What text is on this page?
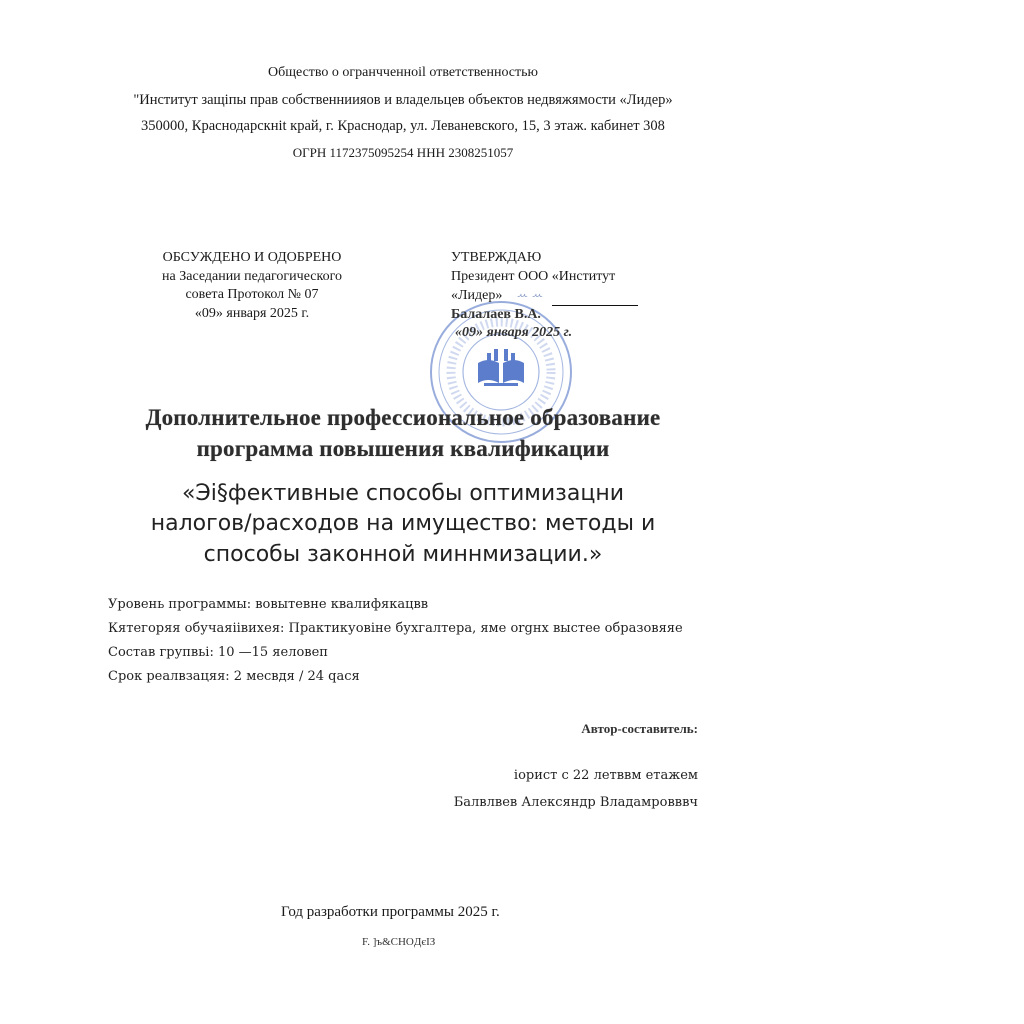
Общество о огранчченноіl ответственностью
"Институт защіпы прав собственниияов и владельцев объектов недвяжямости «Лидер»
350000, Краснодарскнit край, г. Краснодар, ул. Леваневского, 15, 3 этаж. кабинет 308
ОГРН 1172375095254 ННН 2308251057
ОБСУЖДЕНО И ОДОБРЕНО
на Заседании педагогического
совета Протокол № 07
«09» января 2025 г.
УТВЕРЖДАЮ
Президент ООО «Институт
«Лидер» ꕀ ꕀ
Балалаев В.А.
«09» января 2025 г.
Дополнительное профессиональное образование
программа повышения квалификации
«Эі§фективные способы оптимизацни
налогов/расходов на имущество: методы и
способы законной миннмизации.»
Уровень программы: вовытевне квалифякацвв
Кятегоряя обучаяіівихея: Практикуовіне бухгалтера, яме orgнх выстее образовяяе
Состав групвьі: 10 —15 яеловеп
Срок реалвзацяя: 2 месвдя / 24 qася
Автор-составитель:
іорист с 22 летввм етажем
Балвлвев Алексяндр Владамровввч
Год разработки программы 2025 г.
F. ]ъ&CHOДєIЗ
